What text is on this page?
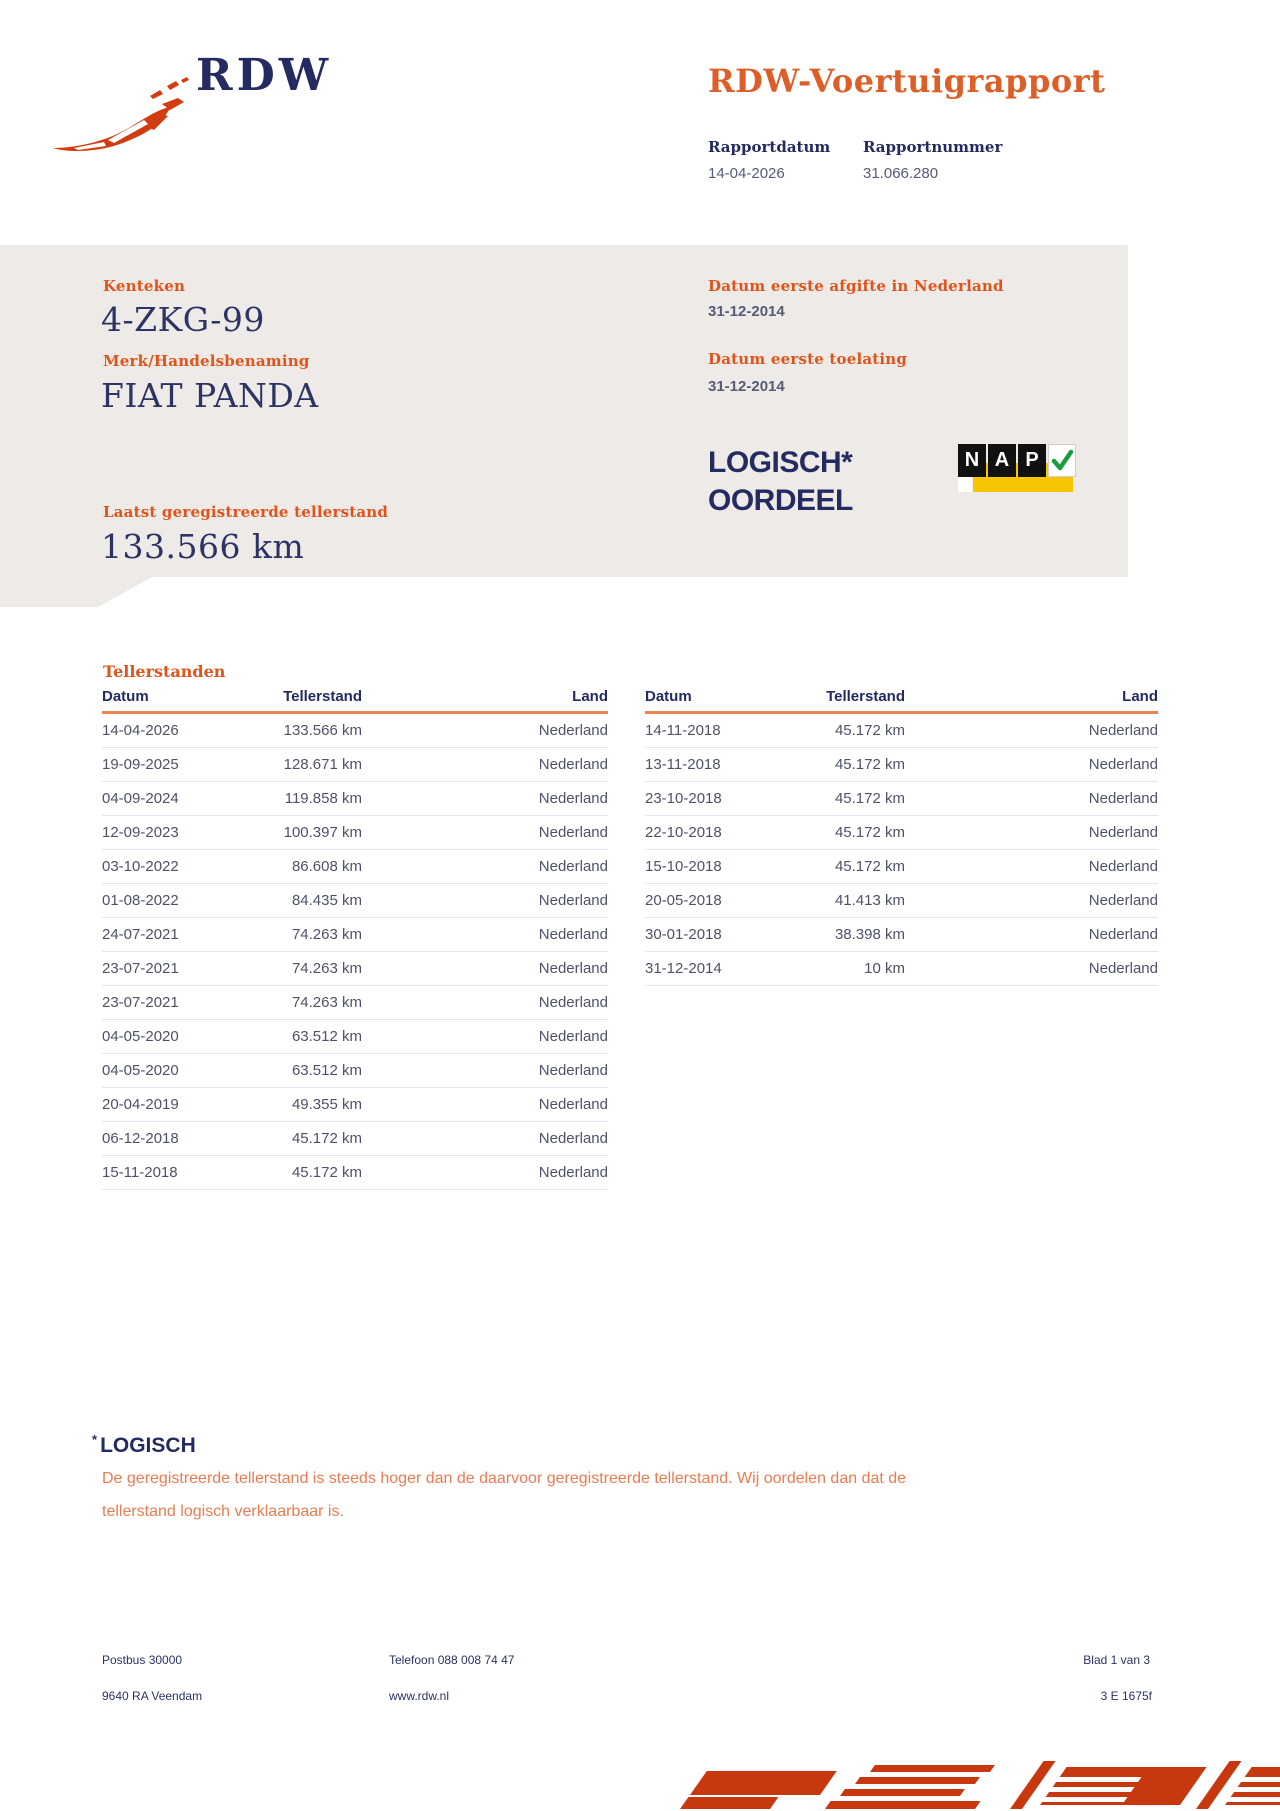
RDW	RDW-Voertuigrapport
Rapportdatum Rapportnummer
14-04-2026	31.066.280
Kenteken
4-ZKG-99
Merk/Handelsbenaming
FIAT PANDA
Laatst geregistreerde tellerstand
133.566 km
Datum eerste afgifte in Nederland
31-12-2014
Datum eerste toelating
31-12-2014
LOGISCH*
OORDEEL
N A P
Tellerstanden
Datum	Tellerstand	Land
14-04-2026	133.566 km	Nederland
19-09-2025	128.671 km	Nederland
04-09-2024	119.858 km	Nederland
12-09-2023	100.397 km	Nederland
03-10-2022	86.608 km	Nederland
01-08-2022	84.435 km	Nederland
24-07-2021	74.263 km	Nederland
23-07-2021	74.263 km	Nederland
23-07-2021	74.263 km	Nederland
04-05-2020	63.512 km	Nederland
04-05-2020	63.512 km	Nederland
20-04-2019	49.355 km	Nederland
06-12-2018	45.172 km	Nederland
15-11-2018	45.172 km	Nederland
Datum	Tellerstand	Land
14-11-2018	45.172 km	Nederland
13-11-2018	45.172 km	Nederland
23-10-2018	45.172 km	Nederland
22-10-2018	45.172 km	Nederland
15-10-2018	45.172 km	Nederland
20-05-2018	41.413 km	Nederland
30-01-2018	38.398 km	Nederland
31-12-2014	10 km	Nederland
* LOGISCH
De geregistreerde tellerstand is steeds hoger dan de daarvoor geregistreerde tellerstand. Wij oordelen dan dat de
tellerstand logisch verklaarbaar is.
Postbus 30000
9640 RA Veendam
Telefoon 088 008 74 47
www.rdw.nl
Blad 1 van 3
3 E 1675f
